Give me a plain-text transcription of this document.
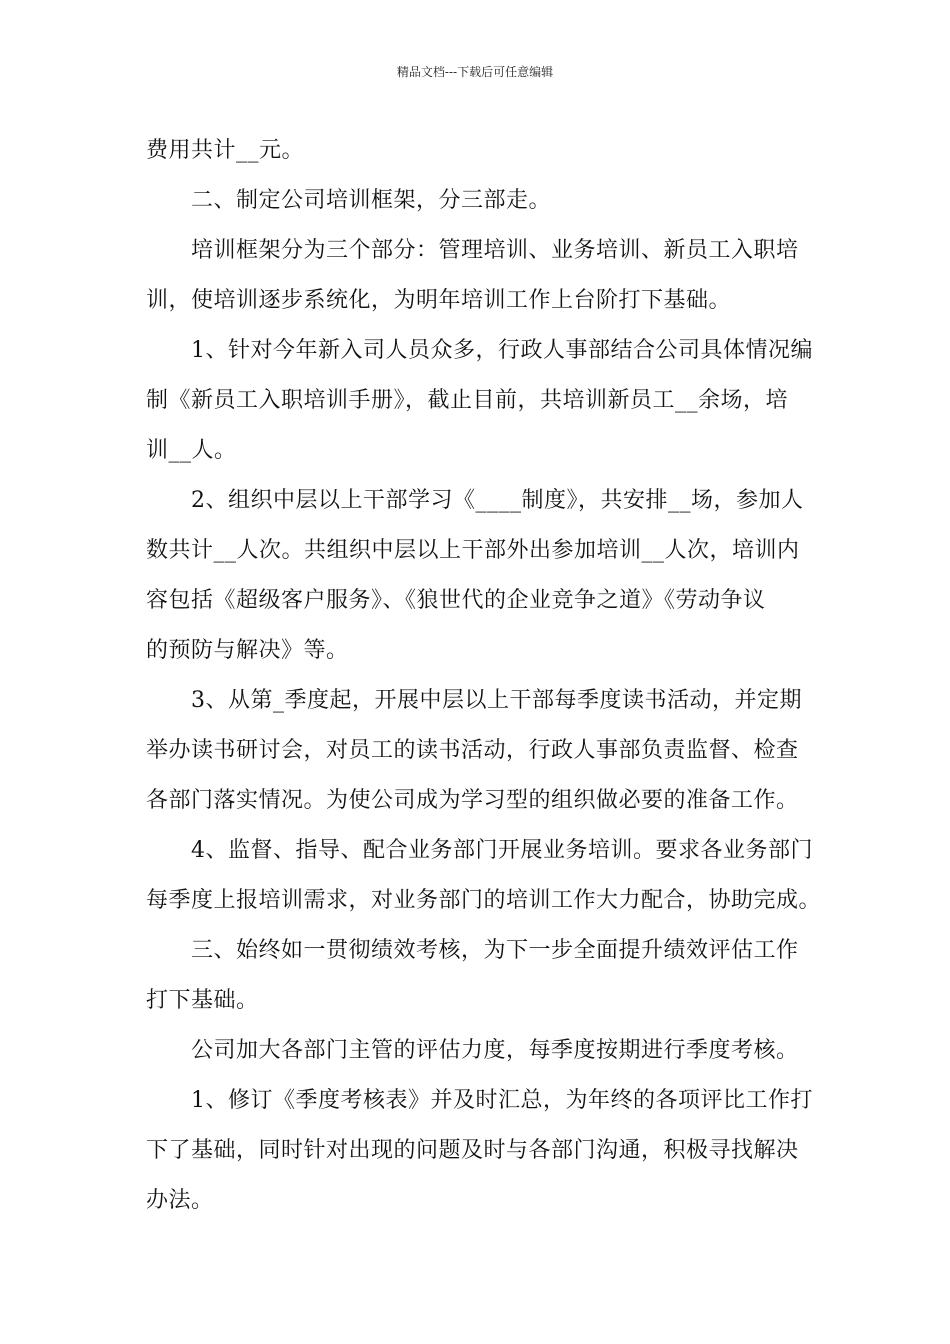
精品文档---下载后可任意编辑
费用共计__元。
二、制定公司培训框架，分三部走。
培训框架分为三个部分：管理培训、业务培训、新员工入职培
训，使培训逐步系统化，为明年培训工作上台阶打下基础。
1、针对今年新入司人员众多，行政人事部结合公司具体情况编
制《新员工入职培训手册》，截止目前，共培训新员工__余场，培
训__人。
2、组织中层以上干部学习《____制度》，共安排__场，参加人
数共计__人次。共组织中层以上干部外出参加培训__人次，培训内
容包括《超级客户服务》、《狼世代的企业竞争之道》《劳动争议
的预防与解决》等。
3、从第_季度起，开展中层以上干部每季度读书活动，并定期
举办读书研讨会，对员工的读书活动，行政人事部负责监督、检查
各部门落实情况。为使公司成为学习型的组织做必要的准备工作。
4、监督、指导、配合业务部门开展业务培训。要求各业务部门
每季度上报培训需求，对业务部门的培训工作大力配合，协助完成。
三、始终如一贯彻绩效考核，为下一步全面提升绩效评估工作
打下基础。
公司加大各部门主管的评估力度，每季度按期进行季度考核。
1、修订《季度考核表》并及时汇总，为年终的各项评比工作打
下了基础，同时针对出现的问题及时与各部门沟通，积极寻找解决
办法。
